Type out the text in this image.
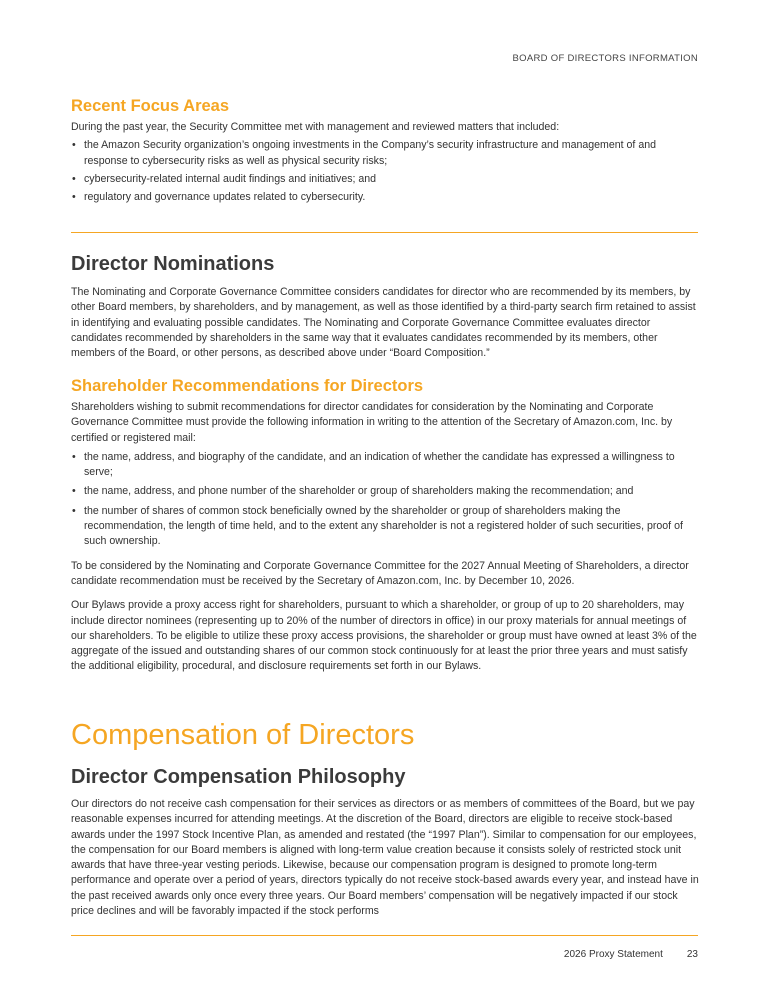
BOARD OF DIRECTORS INFORMATION
Recent Focus Areas

During the past year, the Security Committee met with management and reviewed matters that included:

• the Amazon Security organization’s ongoing investments in the Company’s security infrastructure and management of and response to cybersecurity risks as well as physical security risks;
• cybersecurity-related internal audit findings and initiatives; and
• regulatory and governance updates related to cybersecurity.
Director Nominations

The Nominating and Corporate Governance Committee considers candidates for director who are recommended by its members, by other Board members, by shareholders, and by management, as well as those identified by a third-party search firm retained to assist in identifying and evaluating possible candidates. The Nominating and Corporate Governance Committee evaluates director candidates recommended by shareholders in the same way that it evaluates candidates recommended by its members, other members of the Board, or other persons, as described above under “Board Composition.”

Shareholder Recommendations for Directors

Shareholders wishing to submit recommendations for director candidates for consideration by the Nominating and Corporate Governance Committee must provide the following information in writing to the attention of the Secretary of Amazon.com, Inc. by certified or registered mail:

• the name, address, and biography of the candidate, and an indication of whether the candidate has expressed a willingness to serve;
• the name, address, and phone number of the shareholder or group of shareholders making the recommendation; and
• the number of shares of common stock beneficially owned by the shareholder or group of shareholders making the recommendation, the length of time held, and to the extent any shareholder is not a registered holder of such securities, proof of such ownership.

To be considered by the Nominating and Corporate Governance Committee for the 2027 Annual Meeting of Shareholders, a director candidate recommendation must be received by the Secretary of Amazon.com, Inc. by December 10, 2026.

Our Bylaws provide a proxy access right for shareholders, pursuant to which a shareholder, or group of up to 20 shareholders, may include director nominees (representing up to 20% of the number of directors in office) in our proxy materials for annual meetings of our shareholders. To be eligible to utilize these proxy access provisions, the shareholder or group must have owned at least 3% of the aggregate of the issued and outstanding shares of our common stock continuously for at least the prior three years and must satisfy the additional eligibility, procedural, and disclosure requirements set forth in our Bylaws.

Compensation of Directors
Director Compensation Philosophy

Our directors do not receive cash compensation for their services as directors or as members of committees of the Board, but we pay reasonable expenses incurred for attending meetings. At the discretion of the Board, directors are eligible to receive stock-based awards under the 1997 Stock Incentive Plan, as amended and restated (the “1997 Plan”). Similar to compensation for our employees, the compensation for our Board members is aligned with long-term value creation because it consists solely of restricted stock unit awards that have three-year vesting periods. Likewise, because our compensation program is designed to promote long-term performance and operate over a period of years, directors typically do not receive stock-based awards every year, and instead have in the past received awards only once every three years. Our Board members’ compensation will be negatively impacted if our stock price declines and will be favorably impacted if the stock performs

2026 Proxy Statement 23
